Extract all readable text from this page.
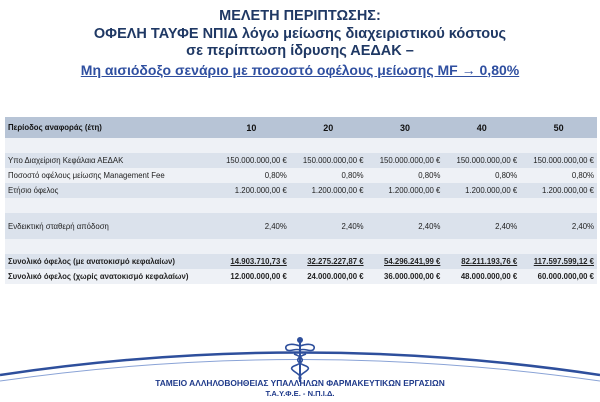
ΜΕΛΕΤΗ ΠΕΡΙΠΤΩΣΗΣ:
ΟΦΕΛΗ ΤΑΥΦΕ ΝΠΙΔ λόγω μείωσης διαχειριστικού κόστους
σε περίπτωση ίδρυσης ΑΕΔΑΚ –
Μη αισιόδοξο σενάριο με ποσοστό οφέλους μείωσης MF → 0,80%
Περίοδος αναφοράς (έτη)	10	20	30	40	50

Υπο Διαχείριση Κεφάλαια ΑΕΔΑΚ	150.000.000,00 €	150.000.000,00 €	150.000.000,00 €	150.000.000,00 €	150.000.000,00 €
Ποσοστό οφέλους μείωσης Management Fee	0,80%	0,80%	0,80%	0,80%	0,80%
Ετήσιο όφελος	1.200.000,00 €	1.200.000,00 €	1.200.000,00 €	1.200.000,00 €	1.200.000,00 €

Ενδεικτική σταθερή απόδοση	2,40%	2,40%	2,40%	2,40%	2,40%

Συνολικό όφελος (με ανατοκισμό κεφαλαίων)	14.903.710,73 €	32.275.227,87 €	54.296.241,99 €	82.211.193,76 €	117.597.599,12 €
Συνολικό όφελος (χωρίς ανατοκισμό κεφαλαίων)	12.000.000,00 €	24.000.000,00 €	36.000.000,00 €	48.000.000,00 €	60.000.000,00 €
ΤΑΜΕΙΟ ΑΛΛΗΛΟΒΟΗΘΕΙΑΣ ΥΠΑΛΛΗΛΩΝ ΦΑΡΜΑΚΕΥΤΙΚΩΝ ΕΡΓΑΣΙΩΝ
Τ.Α.Υ.Φ.Ε. - Ν.Π.Ι.Δ.
